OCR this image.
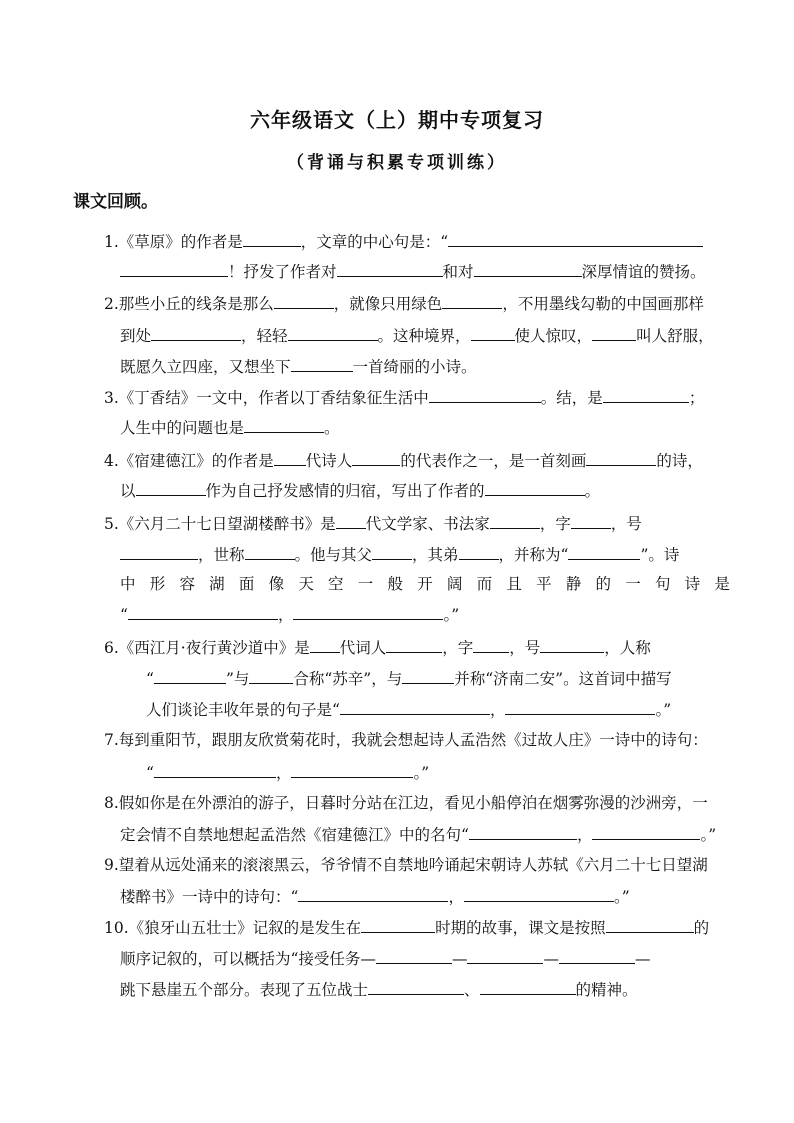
六年级语文（上）期中专项复习
（背诵与积累专项训练）
课文回顾。
1.《草原》的作者是	，文章的中心句是：“
！抒发了作者对	和对	深厚情谊的赞扬。
2.那些小丘的线条是那么	，就像只用绿色	，不用墨线勾勒的中国画那样
到处	，轻轻	。这种境界，	使人惊叹，	叫人舒服，
既愿久立四座，又想坐下	一首绮丽的小诗。
3.《丁香结》一文中，作者以丁香结象征生活中	。结，是	；
人生中的问题也是	。
4.《宿建德江》的作者是 代诗人	的代表作之一，是一首刻画	的诗，
以	作为自己抒发感情的归宿，写出了作者的	。
5.《六月二十七日望湖楼醉书》是 代文学家、书法家	，字	，号
，世称	。他与其父	，其弟	，并称为“	”。诗
中 形 容 湖 面 像 天 空 一 般 开 阔 而 且 平 静 的 一 句 诗 是
“	，	。”
6.《西江月·夜行黄沙道中》是 代词人	，字 ，号	，人称
“	”与	合称“苏辛”，与	并称“济南二安”。这首词中描写
人们谈论丰收年景的句子是“	，	。”
7.每到重阳节，跟朋友欣赏菊花时，我就会想起诗人孟浩然《过故人庄》一诗中的诗句：
“	，	。”
8.假如你是在外漂泊的游子，日暮时分站在江边，看见小船停泊在烟雾弥漫的沙洲旁，一
定会情不自禁地想起孟浩然《宿建德江》中的名句“	，	。”
9.望着从远处涌来的滚滚黑云，爷爷情不自禁地吟诵起宋朝诗人苏轼《六月二十七日望湖
楼醉书》一诗中的诗句：“	，	。”
10.《狼牙山五壮士》记叙的是发生在	时期的故事，课文是按照	的
顺序记叙的，可以概括为“接受任务—	—	—	—
跳下悬崖五个部分。表现了五位战士	、	的精神。
